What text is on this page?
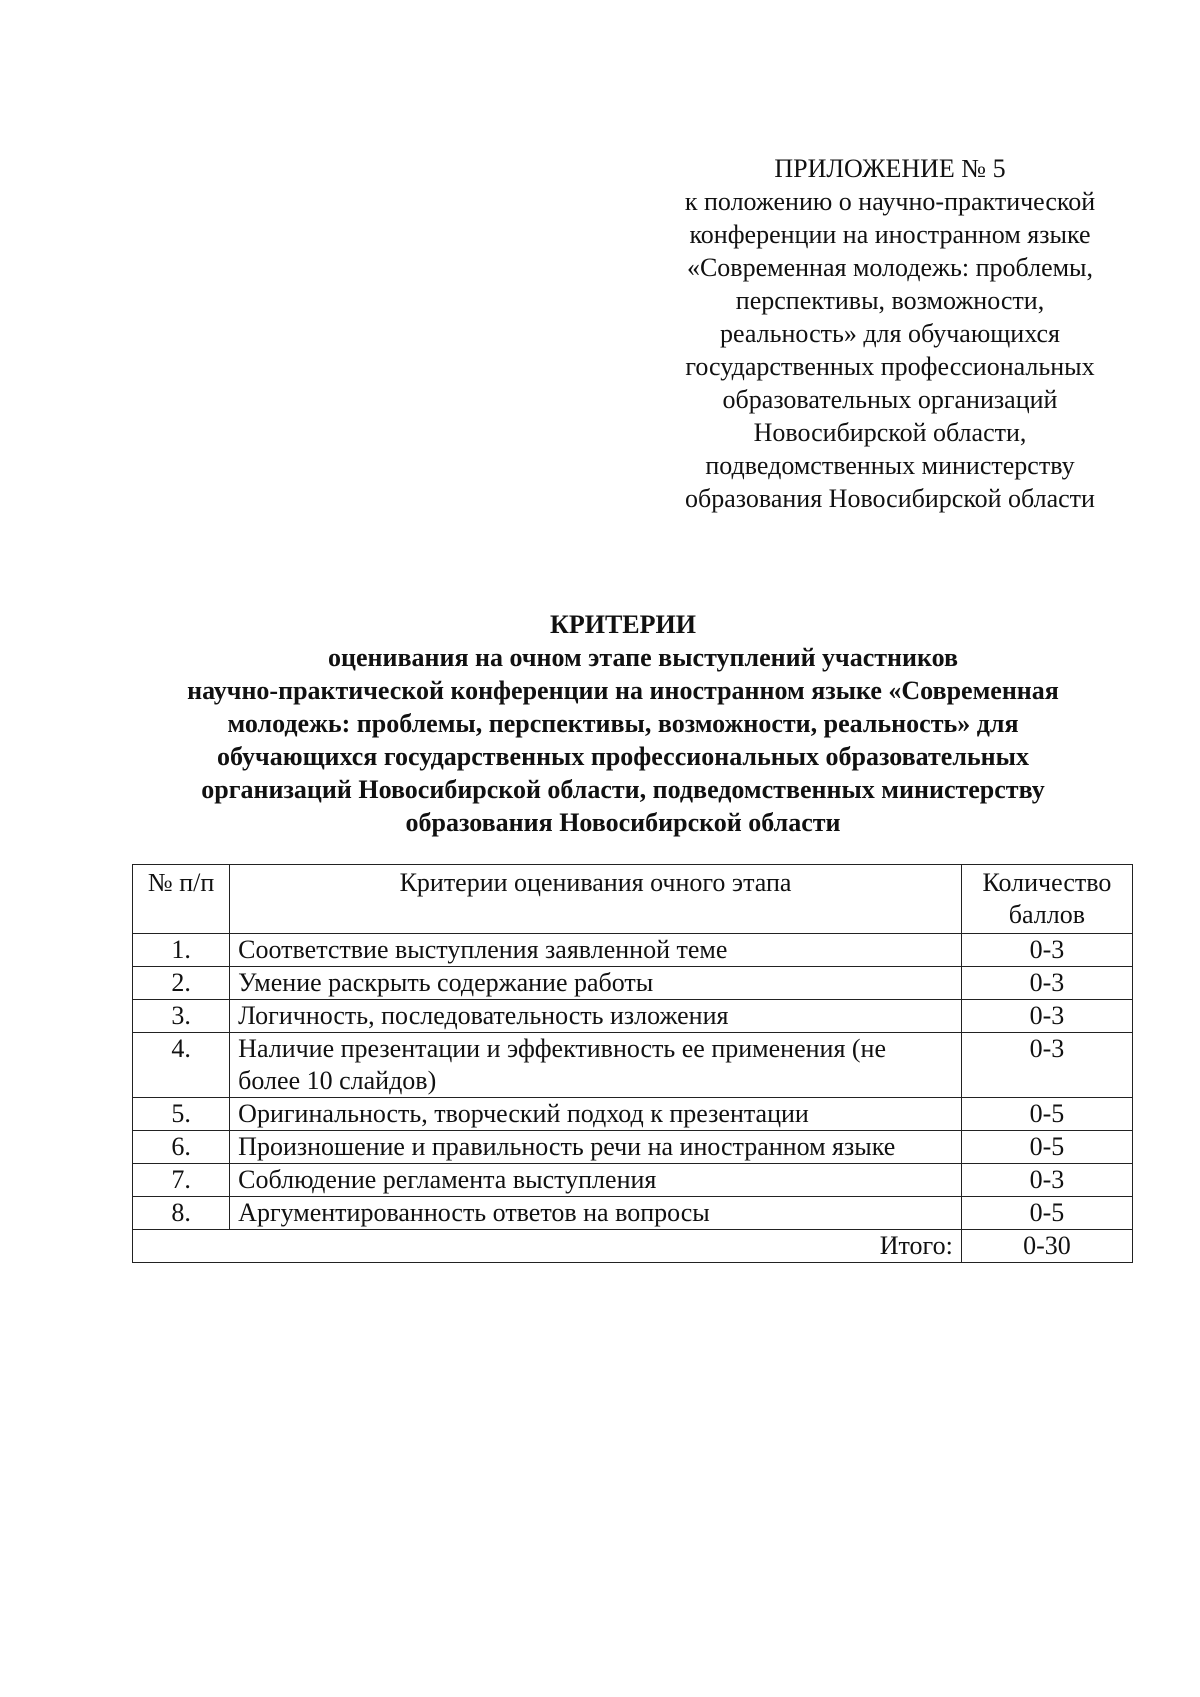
ПРИЛОЖЕНИЕ № 5
к положению о научно-практической
конференции на иностранном языке
«Современная молодежь: проблемы,
перспективы, возможности,
реальность» для обучающихся
государственных профессиональных
образовательных организаций
Новосибирской области,
подведомственных министерству
образования Новосибирской области
КРИТЕРИИ
оценивания на очном этапе выступлений участников
научно-практической конференции на иностранном языке «Современная
молодежь: проблемы, перспективы, возможности, реальность» для
обучающихся государственных профессиональных образовательных
организаций Новосибирской области, подведомственных министерству
образования Новосибирской области
№ п/п	Критерии оценивания очного этапа	Количество
баллов
1.	Соответствие выступления заявленной теме	0-3
2.	Умение раскрыть содержание работы	0-3
3.	Логичность, последовательность изложения	0-3
4.	Наличие презентации и эффективность ее применения (не более 10 слайдов)	0-3
5.	Оригинальность, творческий подход к презентации	0-5
6.	Произношение и правильность речи на иностранном языке	0-5
7.	Соблюдение регламента выступления	0-3
8.	Аргументированность ответов на вопросы	0-5
Итого:		0-30
